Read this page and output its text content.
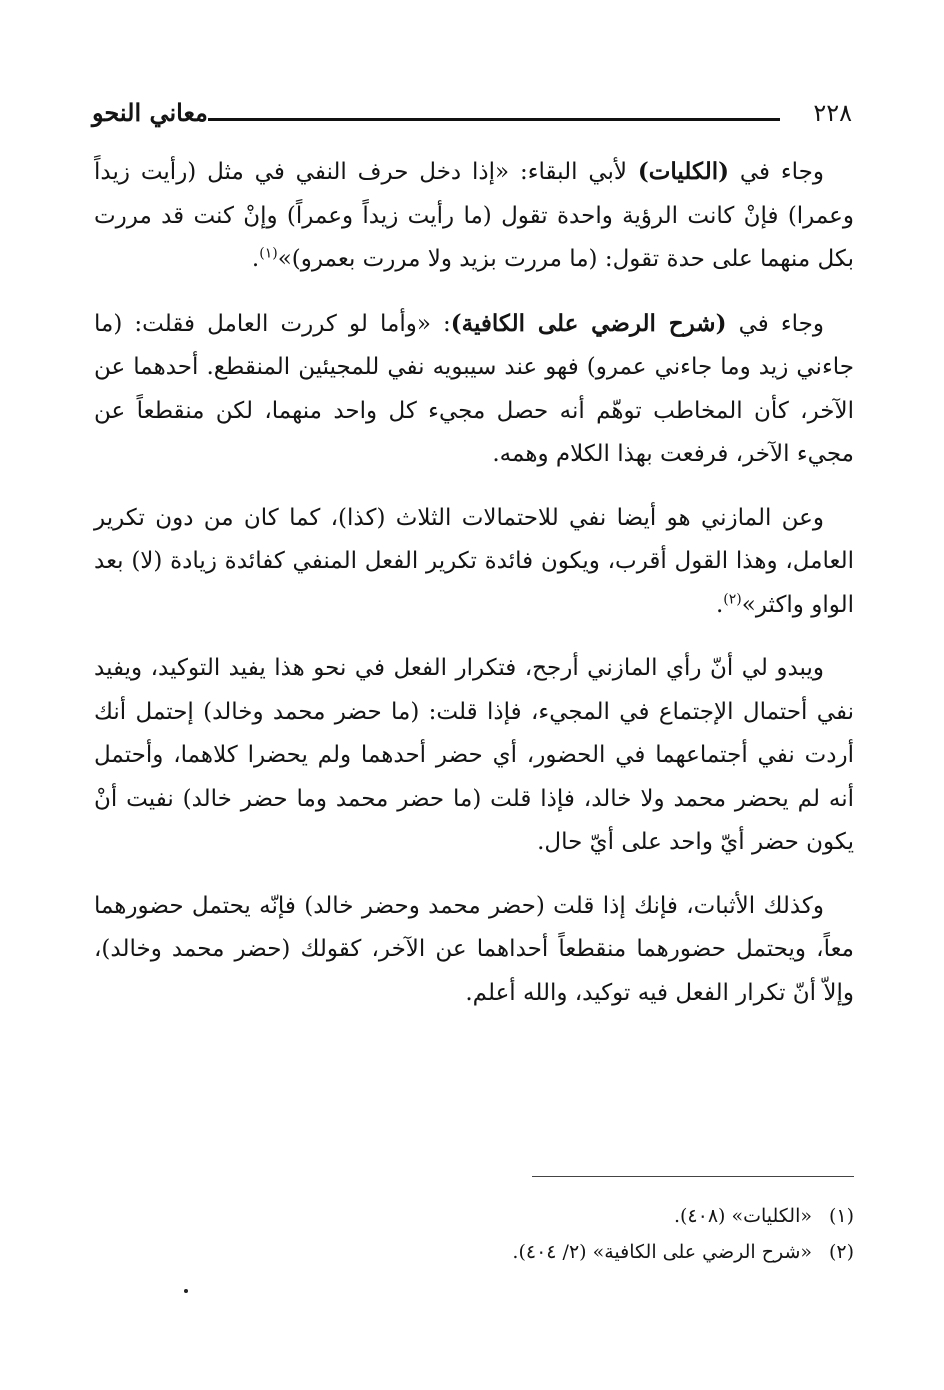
٢٢٨
معاني النحو

وجاء في (الكليات) لأبي البقاء: «إذا دخل حرف النفي في مثل (رأيت زيداً وعمرا) فإنْ كانت الرؤية واحدة تقول (ما رأيت زيداً وعمراً) وإنْ كنت قد مررت بكل منهما على حدة تقول: (ما مررت بزيد ولا مررت بعمرو)»$^{(١)}$.

وجاء في (شرح الرضي على الكافية): «وأما لو كررت العامل فقلت: (ما جاءني زيد وما جاءني عمرو) فهو عند سيبويه نفي للمجيئين المنقطع. أحدهما عن الآخر، كأن المخاطب توهّم أنه حصل مجيء كل واحد منهما، لكن منقطعاً عن مجيء الآخر، فرفعت بهذا الكلام وهمه.

وعن المازني هو أيضا نفي للاحتمالات الثلاث (كذا)، كما كان من دون تكرير العامل، وهذا القول أقرب، ويكون فائدة تكرير الفعل المنفي كفائدة زيادة (لا) بعد الواو واكثر»$^{(٢)}$.

ويبدو لي أنّ رأي المازني أرجح، فتكرار الفعل في نحو هذا يفيد التوكيد، ويفيد نفي أحتمال الإجتماع في المجيء، فإذا قلت: (ما حضر محمد وخالد) إحتمل أنك أردت نفي أجتماعهما في الحضور، أي حضر أحدهما ولم يحضرا كلاهما، وأحتمل أنه لم يحضر محمد ولا خالد، فإذا قلت (ما حضر محمد وما حضر خالد) نفيت أنْ يكون حضر أيّ واحد على أيّ حال.

وكذلك الأثبات، فإنك إذا قلت (حضر محمد وحضر خالد) فإنّه يحتمل حضورهما معاً، ويحتمل حضورهما منقطعاً أحداهما عن الآخر، كقولك (حضر محمد وخالد)، وإلاّ أنّ تكرار الفعل فيه توكيد، والله أعلم.

(١)«الكليات» (٤٠٨).
(٢)«شرح الرضي على الكافية» (٢/ ٤٠٤).
